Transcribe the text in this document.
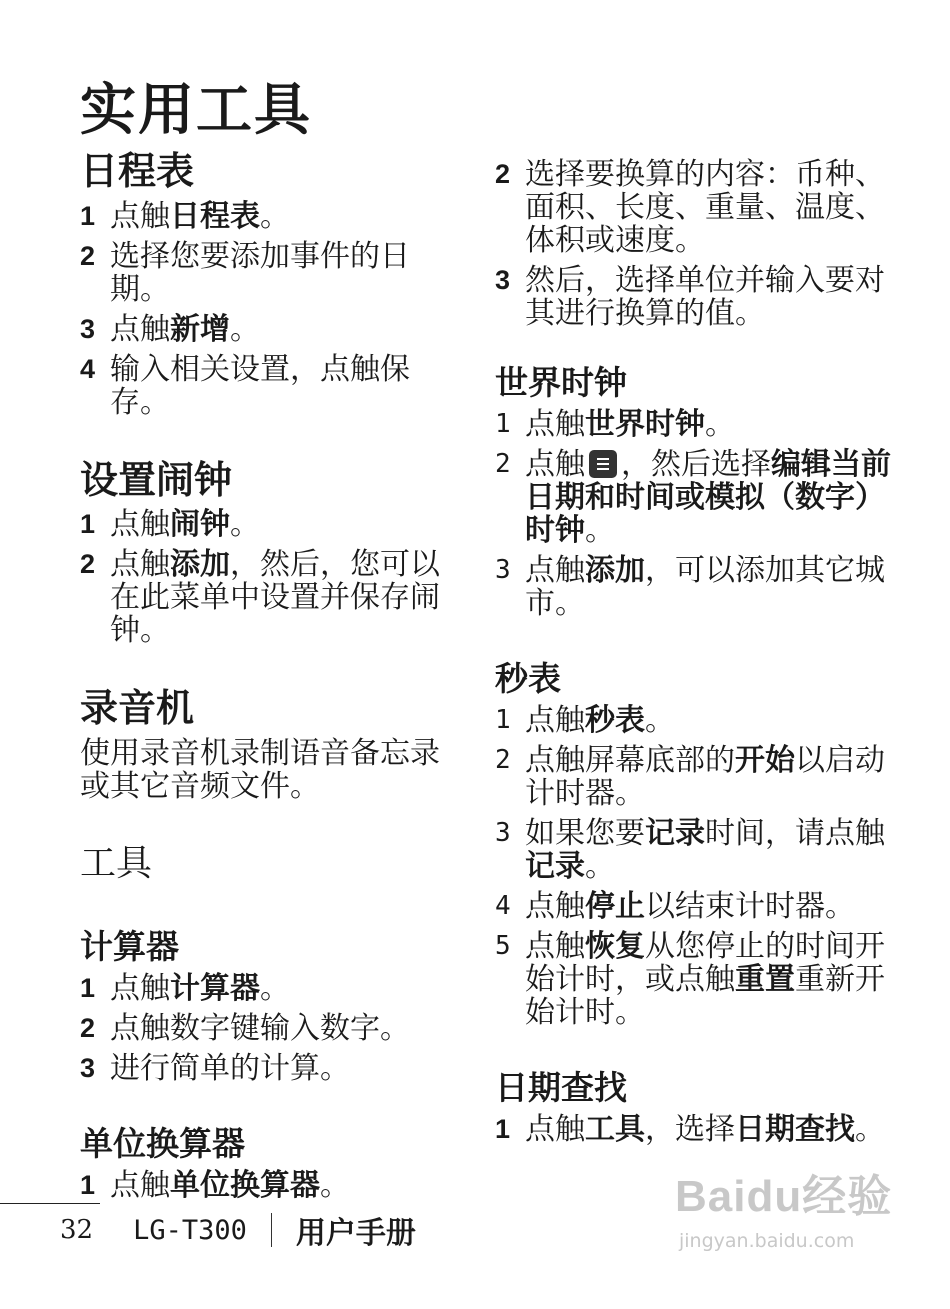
实用工具
日程表
1 点触日程表。
2 选择您要添加事件的日期。
3 点触新增。
4 输入相关设置，点触保存。
设置闹钟
1 点触闹钟。
2 点触添加，然后，您可以在此菜单中设置并保存闹钟。
录音机
使用录音机录制语音备忘录或其它音频文件。
工具
计算器
1 点触计算器。
2 点触数字键输入数字。
3 进行简单的计算。
单位换算器
1 点触单位换算器。
2 选择要换算的内容：币种、面积、长度、重量、温度、体积或速度。
3 然后，选择单位并输入要对其进行换算的值。
世界时钟
1 点触世界时钟。
2 点触 ，然后选择编辑当前日期和时间或模拟（数字）时钟。
3 点触添加，可以添加其它城市。
秒表
1 点触秒表。
2 点触屏幕底部的开始以启动计时器。
3 如果您要记录时间，请点触记录。
4 点触停止以结束计时器。
5 点触恢复从您停止的时间开始计时，或点触重置重新开始计时。
日期查找
1 点触工具，选择日期查找。
32 LG-T300 用户手册
Baidu经验
jingyan.baidu.com
